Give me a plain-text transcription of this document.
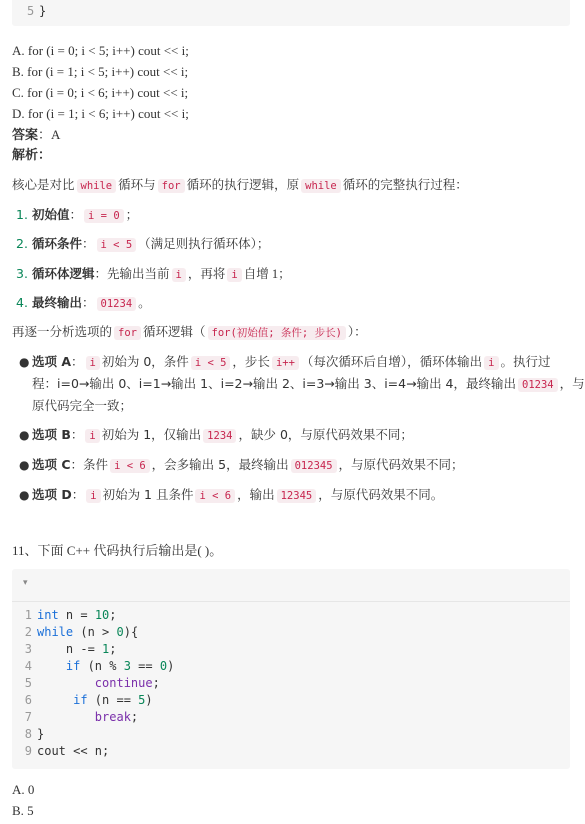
5 }
A. for (i = 0; i < 5; i++) cout << i;
B. for (i = 1; i < 5; i++) cout << i;
C. for (i = 0; i < 6; i++) cout << i;
D. for (i = 1; i < 6; i++) cout << i;
答案：A
解析：
核心是对比 while 循环与 for 循环的执行逻辑，原 while 循环的完整执行过程：
1. 初始值： i = 0 ；
2. 循环条件： i < 5 （满足则执行循环体）；
3. 循环体逻辑：先输出当前 i ，再将 i 自增 1；
4. 最终输出： 01234 。
再逐一分析选项的 for 循环逻辑（ for(初始值; 条件; 步长) ）：
● 选项 A： i 初始为 0，条件 i < 5 ，步长 i++ （每次循环后自增），循环体输出 i 。执行过
程：i=0→输出 0、i=1→输出 1、i=2→输出 2、i=3→输出 3、i=4→输出 4，最终输出 01234 ，与
原代码完全一致；
● 选项 B： i 初始为 1，仅输出 1234 ，缺少 0，与原代码效果不同；
● 选项 C：条件 i < 6 ，会多输出 5，最终输出 012345 ，与原代码效果不同；
● 选项 D： i 初始为 1 且条件 i < 6 ，输出 12345 ，与原代码效果不同。
11、下面 C++ 代码执行后输出是( )。
▾
1 int n = 10;
2 while (n > 0){
3 n -= 1;
4	if (n % 3 == 0)
5	continue;
6	if (n == 5)
7	break;
8 }
9 cout << n;
A. 0
B. 5
